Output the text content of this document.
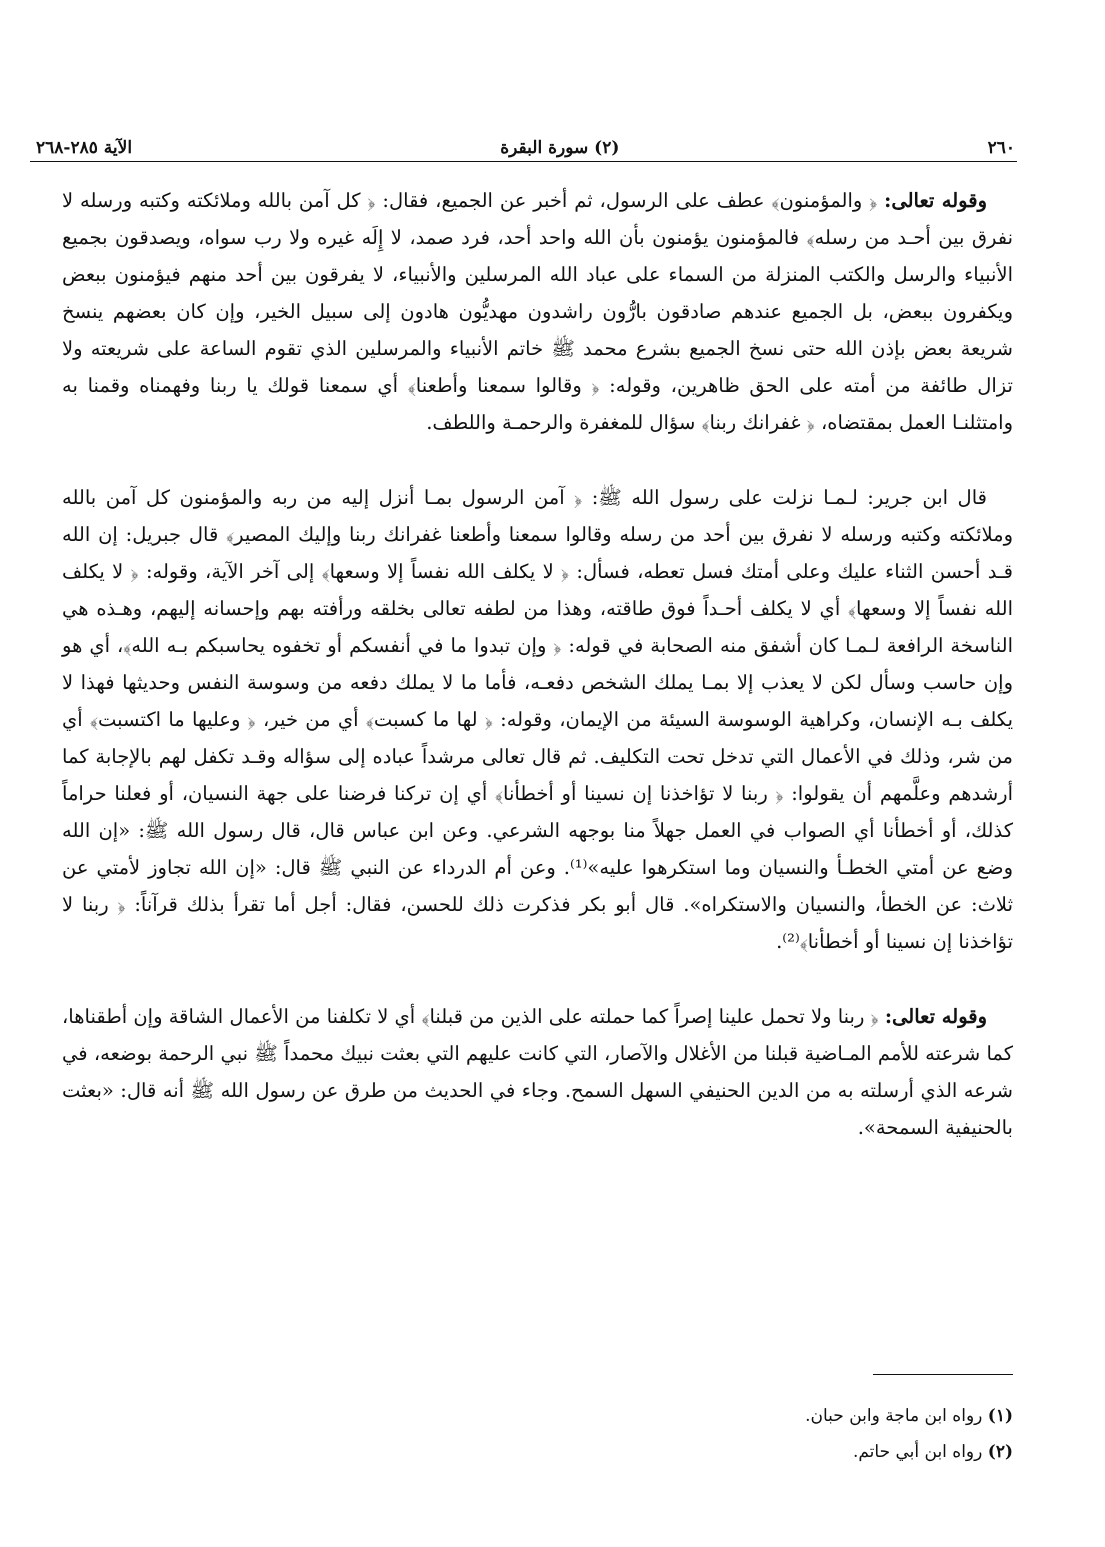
٢٦٠
(٢) سورة البقرة
الآية ٢٨٥-٢٦٨

وقوله تعالى: ﴿ والمؤمنون﴾ عطف على الرسول، ثم أخبر عن الجميع، فقال: ﴿ كل آمن بالله وملائكته وكتبه ورسله لا نفرق بين أحـد من رسله﴾ فالمؤمنون يؤمنون بأن الله واحد أحد، فرد صمد، لا إِلَه غيره ولا رب سواه، ويصدقون بجميع الأنبياء والرسل والكتب المنزلة من السماء على عباد الله المرسلين والأنبياء، لا يفرقون بين أحد منهم فيؤمنون ببعض ويكفرون ببعض، بل الجميع عندهم صادقون بارُّون راشدون مهديُّون هادون إلى سبيل الخير، وإن كان بعضهم ينسخ شريعة بعض بإذن الله حتى نسخ الجميع بشرع محمد ﷺ خاتم الأنبياء والمرسلين الذي تقوم الساعة على شريعته ولا تزال طائفة من أمته على الحق ظاهرين، وقوله: ﴿ وقالوا سمعنا وأطعنا﴾ أي سمعنا قولك يا ربنا وفهمناه وقمنا به وامتثلنـا العمل بمقتضاه، ﴿ غفرانك ربنا﴾ سؤال للمغفرة والرحمـة واللطف.

قال ابن جرير: لـمـا نزلت على رسول الله ﷺ: ﴿ آمن الرسول بمـا أنزل إليه من ربه والمؤمنون كل آمن بالله وملائكته وكتبه ورسله لا نفرق بين أحد من رسله وقالوا سمعنا وأطعنا غفرانك ربنا وإليك المصير﴾ قال جبريل: إن الله قـد أحسن الثناء عليك وعلى أمتك فسل تعطه، فسأل: ﴿ لا يكلف الله نفساً إلا وسعها﴾ إلى آخر الآية، وقوله: ﴿ لا يكلف الله نفساً إلا وسعها﴾ أي لا يكلف أحـداً فوق طاقته، وهذا من لطفه تعالى بخلقه ورأفته بهم وإحسانه إليهم، وهـذه هي الناسخة الرافعة لـمـا كان أشفق منه الصحابة في قوله: ﴿ وإن تبدوا ما في أنفسكم أو تخفوه يحاسبكم بـه الله﴾، أي هو وإن حاسب وسأل لكن لا يعذب إلا بمـا يملك الشخص دفعـه، فأما ما لا يملك دفعه من وسوسة النفس وحديثها فهذا لا يكلف بـه الإنسان، وكراهية الوسوسة السيئة من الإيمان، وقوله: ﴿ لها ما كسبت﴾ أي من خير، ﴿ وعليها ما اكتسبت﴾ أي من شر، وذلك في الأعمال التي تدخل تحت التكليف. ثم قال تعالى مرشداً عباده إلى سؤاله وقـد تكفل لهم بالإجابة كما أرشدهم وعلَّمهم أن يقولوا: ﴿ ربنا لا تؤاخذنا إن نسينا أو أخطأنا﴾ أي إن تركنا فرضنا على جهة النسيان، أو فعلنا حراماً كذلك، أو أخطأنا أي الصواب في العمل جهلاً منا بوجهه الشرعي. وعن ابن عباس قال، قال رسول الله ﷺ: «إن الله وضع عن أمتي الخطـأ والنسيان وما استكرهوا عليه»⁽¹⁾. وعن أم الدرداء عن النبي ﷺ قال: «إن الله تجاوز لأمتي عن ثلاث: عن الخطأ، والنسيان والاستكراه». قال أبو بكر فذكرت ذلك للحسن، فقال: أجل أما تقرأ بذلك قرآناً: ﴿ ربنا لا تؤاخذنا إن نسينا أو أخطأنا﴾⁽²⁾.

وقوله تعالى: ﴿ ربنا ولا تحمل علينا إصراً كما حملته على الذين من قبلنا﴾ أي لا تكلفنا من الأعمال الشاقة وإن أطقناها، كما شرعته للأمم المـاضية قبلنا من الأغلال والآصار، التي كانت عليهم التي بعثت نبيك محمداً ﷺ نبي الرحمة بوضعه، في شرعه الذي أرسلته به من الدين الحنيفي السهل السمح. وجاء في الحديث من طرق عن رسول الله ﷺ أنه قال: «بعثت بالحنيفية السمحة».

(١) رواه ابن ماجة وابن حبان.
(٢) رواه ابن أبي حاتم.
